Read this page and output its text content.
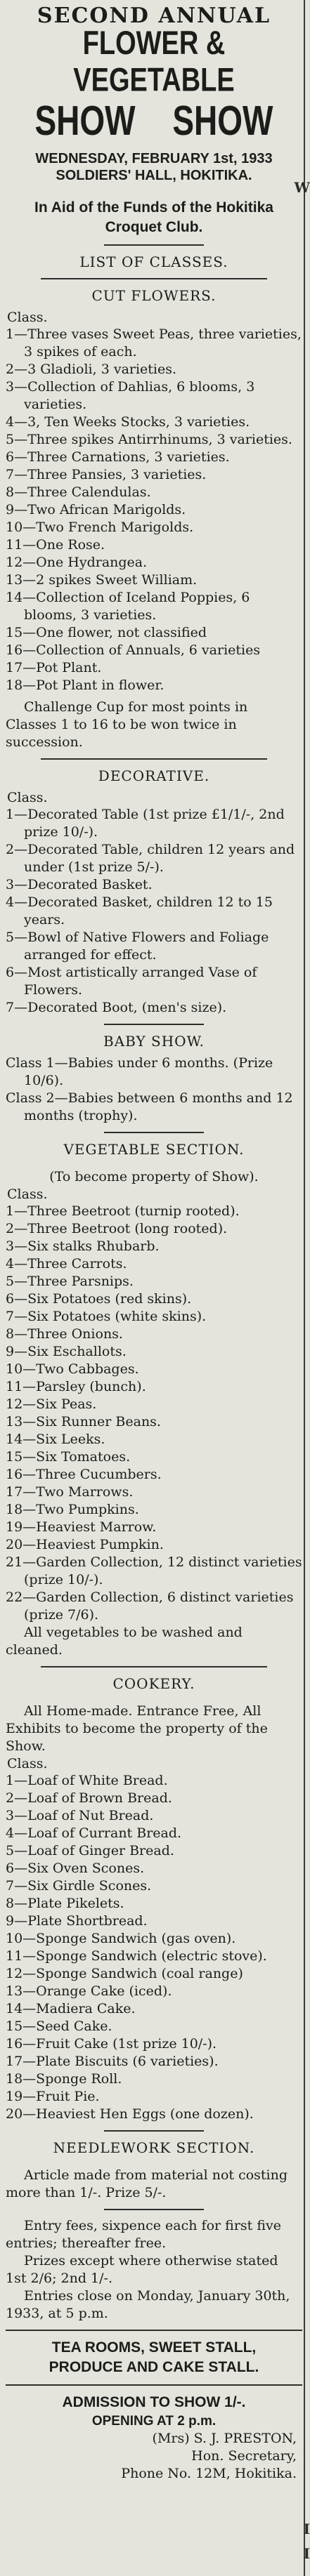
W
I
I
SECOND ANNUAL
FLOWER & VEGETABLE
SHOW SHOW
WEDNESDAY, FEBRUARY 1st, 1933
SOLDIERS' HALL, HOKITIKA.
In Aid of the Funds of the Hokitika
Croquet Club.
LIST OF CLASSES.
CUT FLOWERS.
Class.
1—Three vases Sweet Peas, three varieties, 3 spikes of each.
2—3 Gladioli, 3 varieties.
3—Collection of Dahlias, 6 blooms, 3 varieties.
4—3, Ten Weeks Stocks, 3 varieties.
5—Three spikes Antirrhinums, 3 varieties.
6—Three Carnations, 3 varieties.
7—Three Pansies, 3 varieties.
8—Three Calendulas.
9—Two African Marigolds.
10—Two French Marigolds.
11—One Rose.
12—One Hydrangea.
13—2 spikes Sweet William.
14—Collection of Iceland Poppies, 6 blooms, 3 varieties.
15—One flower, not classified
16—Collection of Annuals, 6 varieties
17—Pot Plant.
18—Pot Plant in flower.
Challenge Cup for most points in Classes 1 to 16 to be won twice in succession.
DECORATIVE.
Class.
1—Decorated Table (1st prize £1/1/-, 2nd prize 10/-).
2—Decorated Table, children 12 years and under (1st prize 5/-).
3—Decorated Basket.
4—Decorated Basket, children 12 to 15 years.
5—Bowl of Native Flowers and Foliage arranged for effect.
6—Most artistically arranged Vase of Flowers.
7—Decorated Boot, (men's size).
BABY SHOW.
Class 1—Babies under 6 months. (Prize 10/6).
Class 2—Babies between 6 months and 12 months (trophy).
VEGETABLE SECTION.
(To become property of Show).
Class.
1—Three Beetroot (turnip rooted).
2—Three Beetroot (long rooted).
3—Six stalks Rhubarb.
4—Three Carrots.
5—Three Parsnips.
6—Six Potatoes (red skins).
7—Six Potatoes (white skins).
8—Three Onions.
9—Six Eschallots.
10—Two Cabbages.
11—Parsley (bunch).
12—Six Peas.
13—Six Runner Beans.
14—Six Leeks.
15—Six Tomatoes.
16—Three Cucumbers.
17—Two Marrows.
18—Two Pumpkins.
19—Heaviest Marrow.
20—Heaviest Pumpkin.
21—Garden Collection, 12 distinct varieties (prize 10/-).
22—Garden Collection, 6 distinct varieties (prize 7/6).
All vegetables to be washed and cleaned.
COOKERY.
All Home-made. Entrance Free, All Exhibits to become the property of the Show.
Class.
1—Loaf of White Bread.
2—Loaf of Brown Bread.
3—Loaf of Nut Bread.
4—Loaf of Currant Bread.
5—Loaf of Ginger Bread.
6—Six Oven Scones.
7—Six Girdle Scones.
8—Plate Pikelets.
9—Plate Shortbread.
10—Sponge Sandwich (gas oven).
11—Sponge Sandwich (electric stove).
12—Sponge Sandwich (coal range)
13—Orange Cake (iced).
14—Madiera Cake.
15—Seed Cake.
16—Fruit Cake (1st prize 10/-).
17—Plate Biscuits (6 varieties).
18—Sponge Roll.
19—Fruit Pie.
20—Heaviest Hen Eggs (one dozen).
NEEDLEWORK SECTION.
Article made from material not costing more than 1/-. Prize 5/-.
Entry fees, sixpence each for first five entries; thereafter free.
Prizes except where otherwise stated 1st 2/6; 2nd 1/-.
Entries close on Monday, January 30th, 1933, at 5 p.m.
TEA ROOMS, SWEET STALL,
PRODUCE AND CAKE STALL.
ADMISSION TO SHOW 1/-.
OPENING AT 2 p.m.
(Mrs) S. J. PRESTON,
Hon. Secretary,
Phone No. 12M, Hokitika.
